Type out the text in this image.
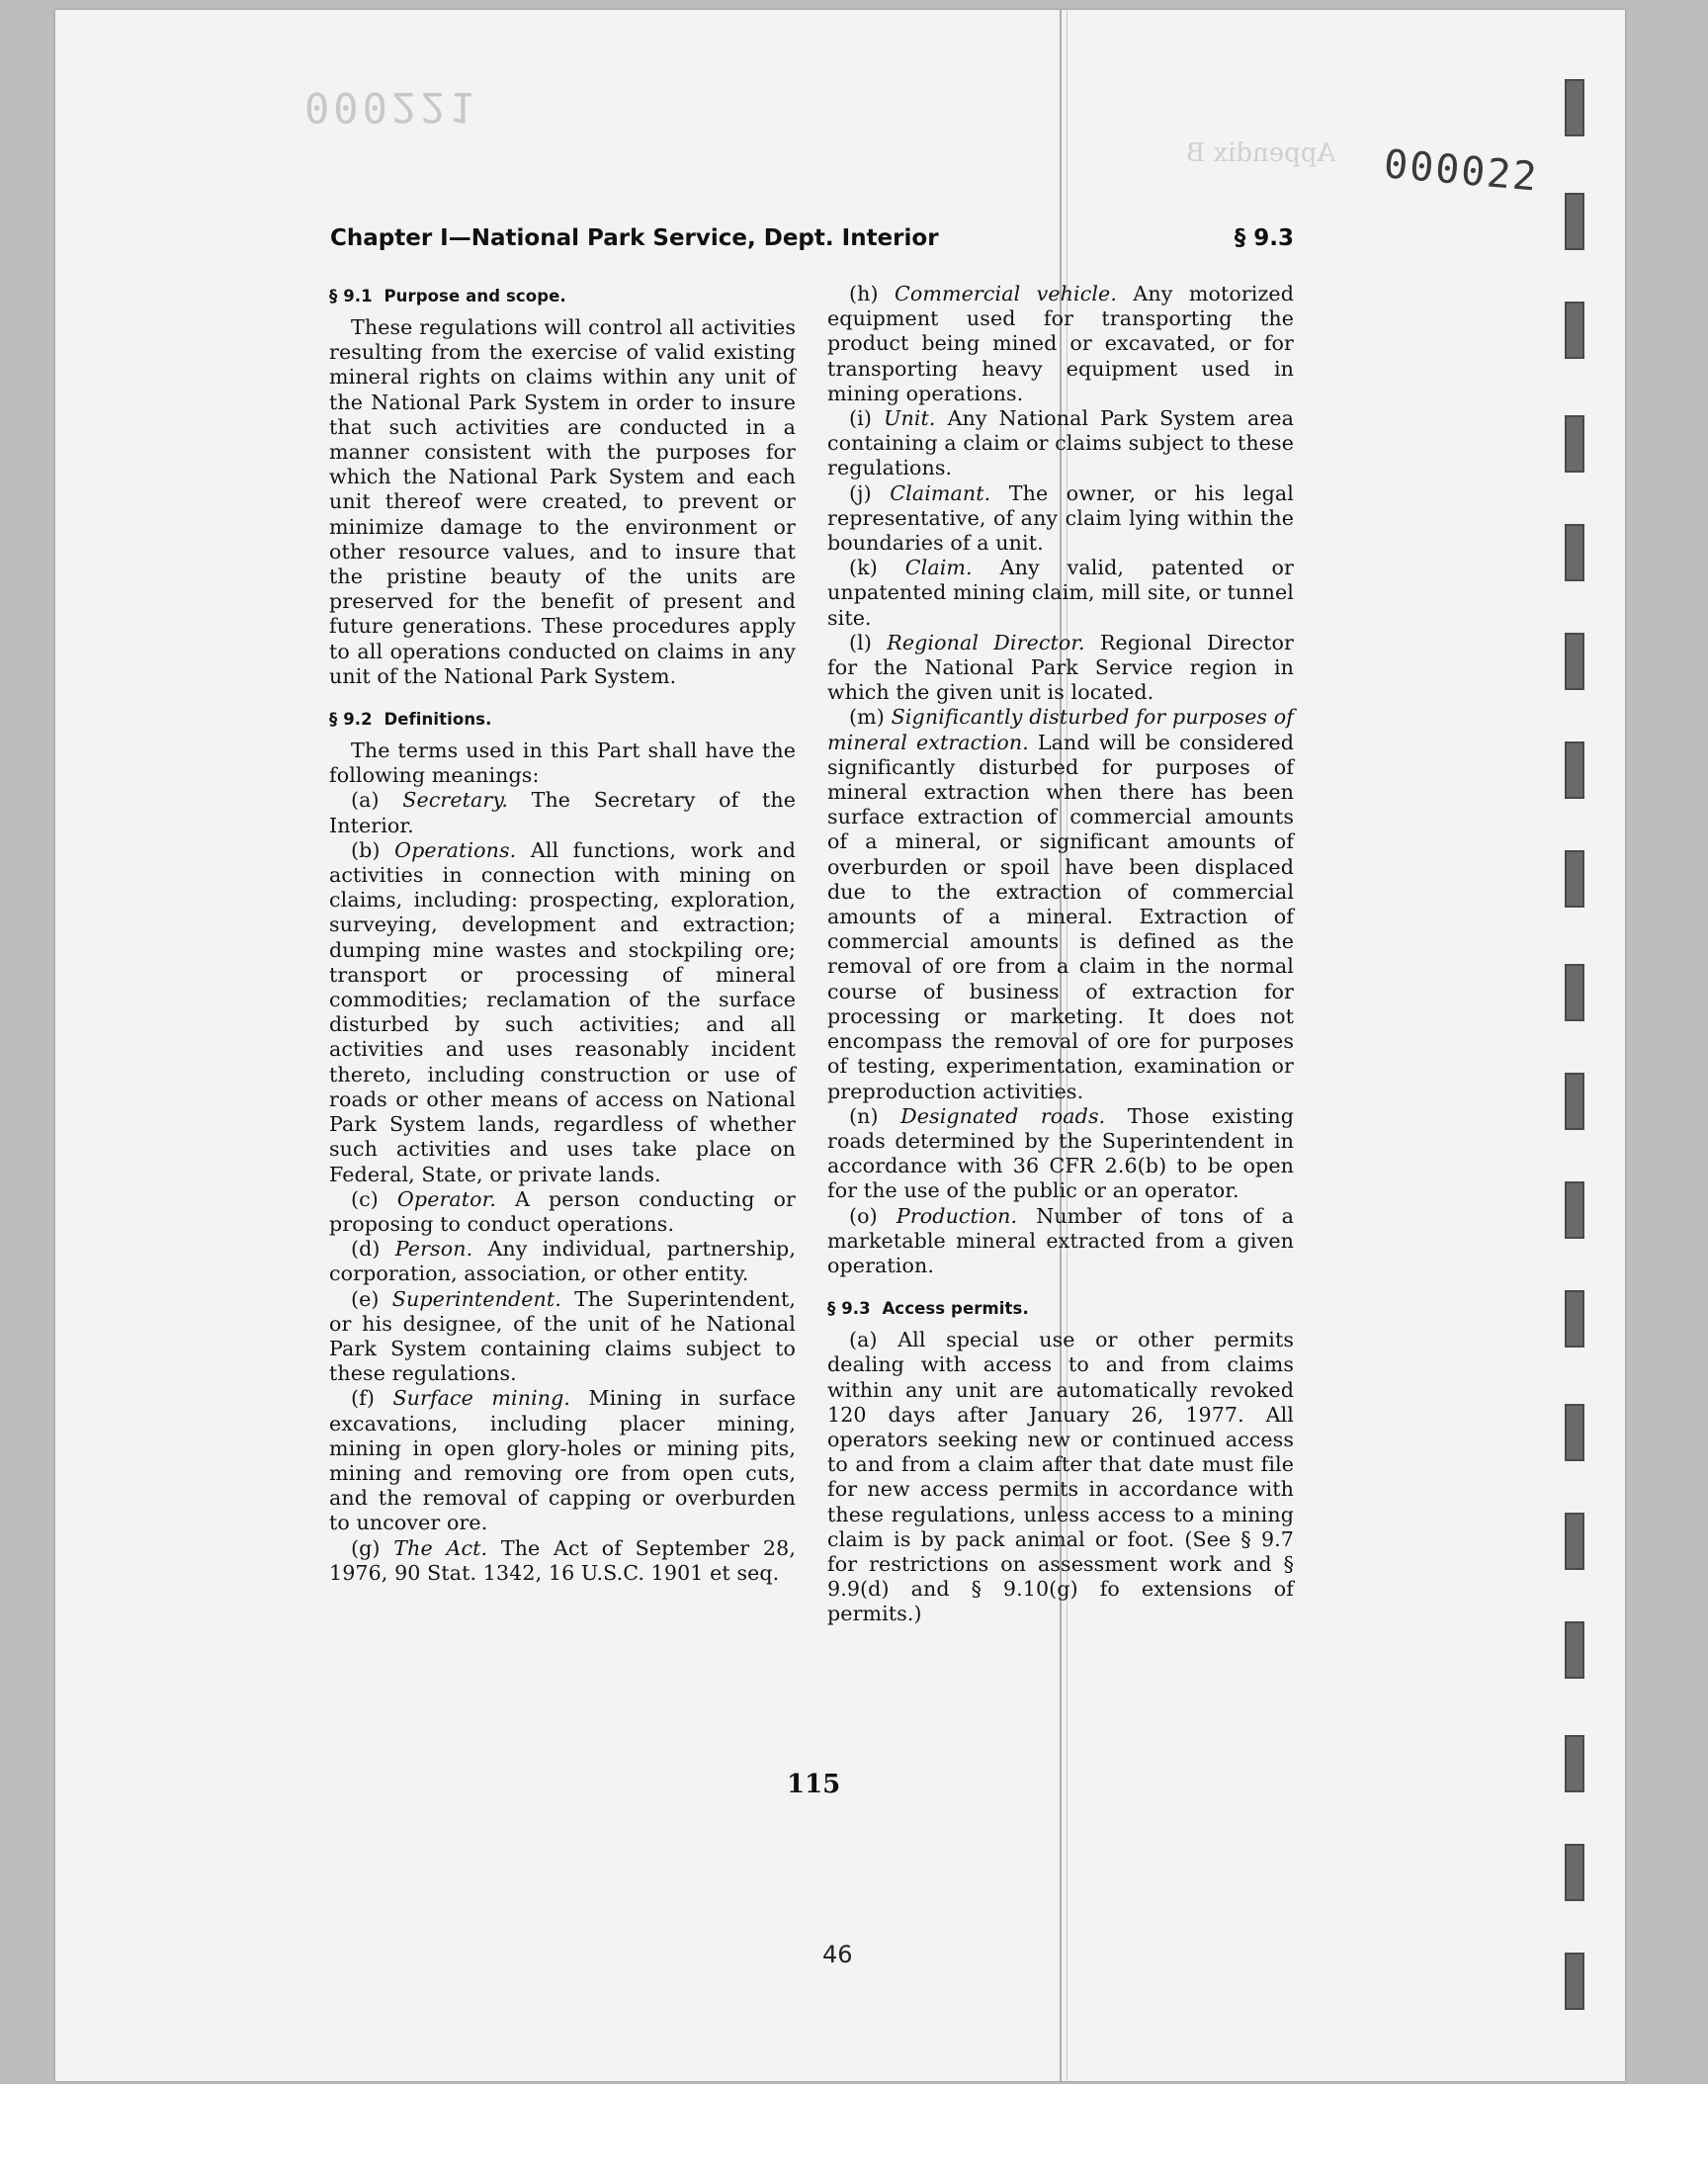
000221
Appendix B 000022
Chapter I—National Park Service, Dept. Interior	§ 9.3
§ 9.1 Purpose and scope.

These regulations will control all activities resulting from the exercise of valid existing mineral rights on claims within any unit of the National Park System in order to insure that such activities are conducted in a manner consistent with the purposes for which the National Park System and each unit thereof were created, to prevent or minimize damage to the environment or other resource values, and to insure that the pristine beauty of the units are preserved for the benefit of present and future generations. These procedures apply to all operations conducted on claims in any unit of the National Park System.

§ 9.2 Definitions.

The terms used in this Part shall have the following meanings:

(a) Secretary. The Secretary of the Interior.

(b) Operations. All functions, work and activities in connection with mining on claims, including: prospecting, exploration, surveying, development and extraction; dumping mine wastes and stockpiling ore; transport or processing of mineral commodities; reclamation of the surface disturbed by such activities; and all activities and uses reasonably incident thereto, including construction or use of roads or other means of access on National Park System lands, regardless of whether such activities and uses take place on Federal, State, or private lands.

(c) Operator. A person conducting or proposing to conduct operations.

(d) Person. Any individual, partnership, corporation, association, or other entity.

(e) Superintendent. The Superintendent, or his designee, of the unit of he National Park System containing claims subject to these regulations.

(f) Surface mining. Mining in surface excavations, including placer mining, mining in open glory-holes or mining pits, mining and removing ore from open cuts, and the removal of capping or overburden to uncover ore.

(g) The Act. The Act of September 28, 1976, 90 Stat. 1342, 16 U.S.C. 1901 et seq.

(h) Commercial vehicle. Any motorized equipment used for transporting the product being mined or excavated, or for transporting heavy equipment used in mining operations.

(i) Unit. Any National Park System area containing a claim or claims subject to these regulations.

(j) Claimant. The owner, or his legal representative, of any claim lying within the boundaries of a unit.

(k) Claim. Any valid, patented or unpatented mining claim, mill site, or tunnel site.

(l) Regional Director. Regional Director for the National Park Service region in which the given unit is located.

(m) Significantly disturbed for purposes of mineral extraction. Land will be considered significantly disturbed for purposes of mineral extraction when there has been surface extraction of commercial amounts of a mineral, or significant amounts of overburden or spoil have been displaced due to the extraction of commercial amounts of a mineral. Extraction of commercial amounts is defined as the removal of ore from a claim in the normal course of business of extraction for processing or marketing. It does not encompass the removal of ore for purposes of testing, experimentation, examination or preproduction activities.

(n) Designated roads. Those existing roads determined by the Superintendent in accordance with 36 CFR 2.6(b) to be open for the use of the public or an operator.

(o) Production. Number of tons of a marketable mineral extracted from a given operation.

§ 9.3 Access permits.

(a) All special use or other permits dealing with access to and from claims within any unit are automatically revoked 120 days after January 26, 1977. All operators seeking new or continued access to and from a claim after that date must file for new access permits in accordance with these regulations, unless access to a mining claim is by pack animal or foot. (See § 9.7 for restrictions on assessment work and § 9.9(d) and § 9.10(g) fo extensions of permits.)

115
46
